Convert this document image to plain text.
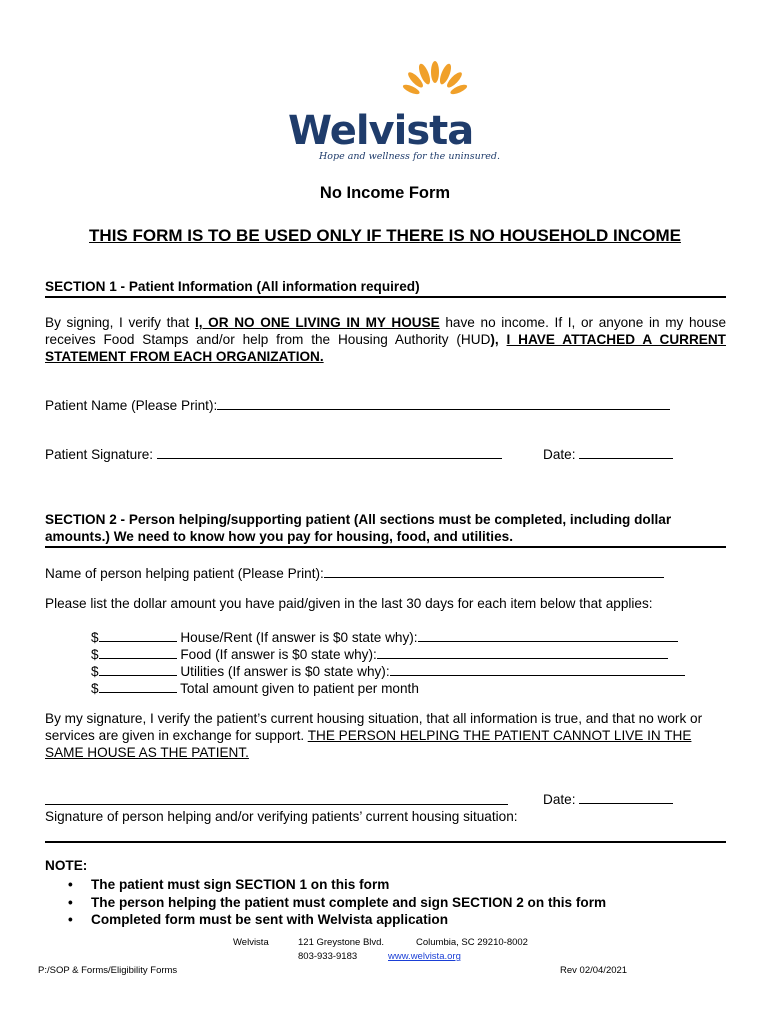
Welvista
Hope and wellness for the uninsured.
No Income Form
THIS FORM IS TO BE USED ONLY IF THERE IS NO HOUSEHOLD INCOME
SECTION 1 - Patient Information (All information required)
By signing, I verify that I, OR NO ONE LIVING IN MY HOUSE have no income. If I, or anyone in my house receives Food Stamps and/or help from the Housing Authority (HUD), I HAVE ATTACHED A CURRENT STATEMENT FROM EACH ORGANIZATION.
Patient Name (Please Print):
Patient Signature:	Date:
SECTION 2 - Person helping/supporting patient (All sections must be completed, including dollar amounts.) We need to know how you pay for housing, food, and utilities.
Name of person helping patient (Please Print):
Please list the dollar amount you have paid/given in the last 30 days for each item below that applies:
$	House/Rent (If answer is $0 state why):
$	Food (If answer is $0 state why):
$	Utilities (If answer is $0 state why):
$	Total amount given to patient per month
By my signature, I verify the patient’s current housing situation, that all information is true, and that no work or services are given in exchange for support. THE PERSON HELPING THE PATIENT CANNOT LIVE IN THE SAME HOUSE AS THE PATIENT.
Date:
Signature of person helping and/or verifying patients’ current housing situation:
NOTE:
• The patient must sign SECTION 1 on this form
• The person helping the patient must complete and sign SECTION 2 on this form
• Completed form must be sent with Welvista application
Welvista	121 Greystone Blvd.	Columbia, SC 29210-8002
803-933-9183	www.welvista.org
P:/SOP & Forms/Eligibility Forms	Rev 02/04/2021
